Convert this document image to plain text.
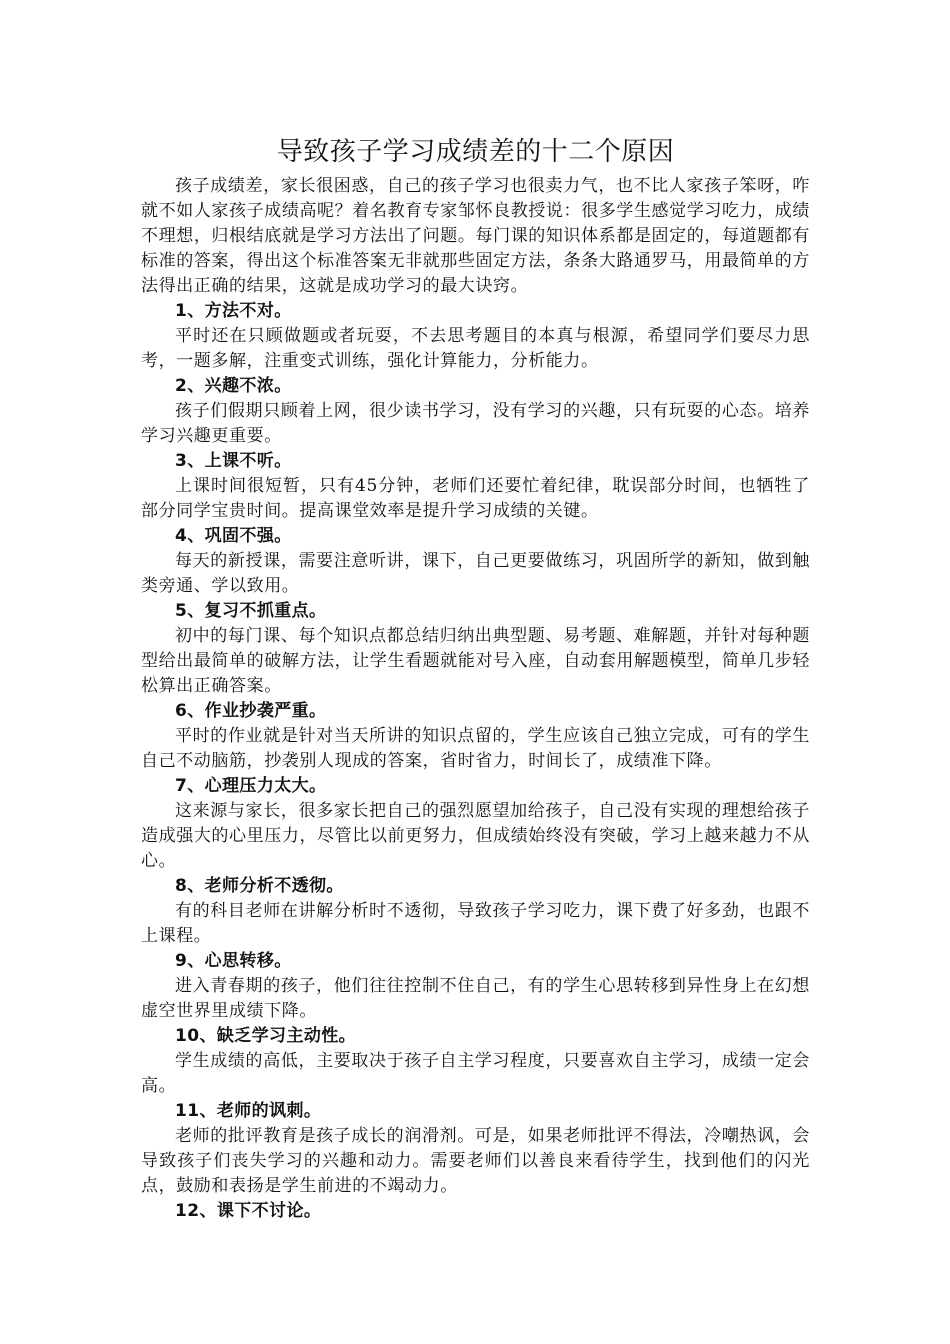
导致孩子学习成绩差的十二个原因

孩子成绩差，家长很困惑，自己的孩子学习也很卖力气，也不比人家孩子笨呀，咋就不如人家孩子成绩高呢？着名教育专家邹怀良教授说：很多学生感觉学习吃力，成绩不理想，归根结底就是学习方法出了问题。每门课的知识体系都是固定的，每道题都有标准的答案，得出这个标准答案无非就那些固定方法，条条大路通罗马，用最简单的方法得出正确的结果，这就是成功学习的最大诀窍。

1、方法不对。

平时还在只顾做题或者玩耍，不去思考题目的本真与根源，希望同学们要尽力思考，一题多解，注重变式训练，强化计算能力，分析能力。

2、兴趣不浓。

孩子们假期只顾着上网，很少读书学习，没有学习的兴趣，只有玩耍的心态。培养学习兴趣更重要。

3、上课不听。

上课时间很短暂，只有45分钟，老师们还要忙着纪律，耽误部分时间，也牺牲了部分同学宝贵时间。提高课堂效率是提升学习成绩的关键。

4、巩固不强。

每天的新授课，需要注意听讲，课下，自己更要做练习，巩固所学的新知，做到触类旁通、学以致用。

5、复习不抓重点。

初中的每门课、每个知识点都总结归纳出典型题、易考题、难解题，并针对每种题型给出最简单的破解方法，让学生看题就能对号入座，自动套用解题模型，简单几步轻松算出正确答案。

6、作业抄袭严重。

平时的作业就是针对当天所讲的知识点留的，学生应该自己独立完成，可有的学生自己不动脑筋，抄袭别人现成的答案，省时省力，时间长了，成绩准下降。

7、心理压力太大。

这来源与家长，很多家长把自己的强烈愿望加给孩子，自己没有实现的理想给孩子造成强大的心里压力，尽管比以前更努力，但成绩始终没有突破，学习上越来越力不从心。

8、老师分析不透彻。

有的科目老师在讲解分析时不透彻，导致孩子学习吃力，课下费了好多劲，也跟不上课程。

9、心思转移。

进入青春期的孩子，他们往往控制不住自己，有的学生心思转移到异性身上在幻想虚空世界里成绩下降。

10、缺乏学习主动性。

学生成绩的高低，主要取决于孩子自主学习程度，只要喜欢自主学习，成绩一定会高。

11、老师的讽刺。

老师的批评教育是孩子成长的润滑剂。可是，如果老师批评不得法，冷嘲热讽，会导致孩子们丧失学习的兴趣和动力。需要老师们以善良来看待学生，找到他们的闪光点，鼓励和表扬是学生前进的不竭动力。

12、课下不讨论。
